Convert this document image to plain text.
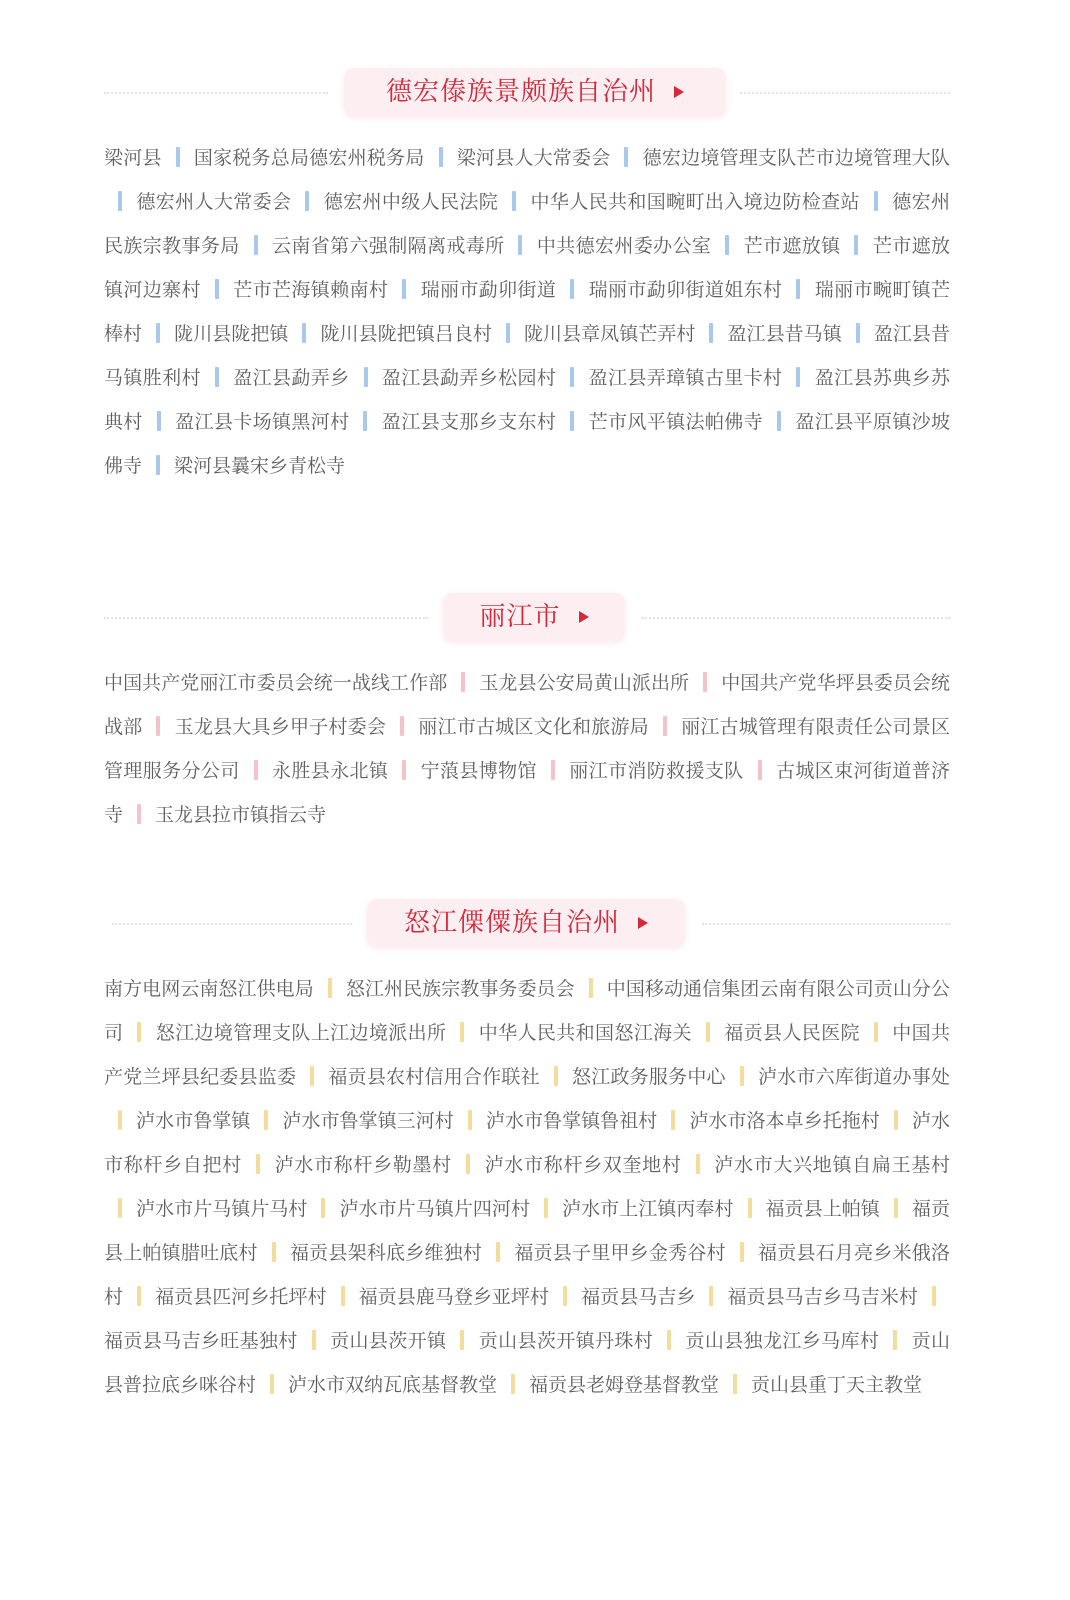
德宏傣族景颇族自治州
梁河县 国家税务总局德宏州税务局 梁河县人大常委会 德宏边境管理支队芒市边境管理大队德宏州人大常委会 德宏州中级人民法院 中华人民共和国畹町出入境边防检查站 德宏州民族宗教事务局 云南省第六强制隔离戒毒所 中共德宏州委办公室 芒市遮放镇 芒市遮放镇河边寨村 芒市芒海镇赖南村 瑞丽市勐卯街道 瑞丽市勐卯街道姐东村 瑞丽市畹町镇芒棒村 陇川县陇把镇 陇川县陇把镇吕良村 陇川县章凤镇芒弄村 盈江县昔马镇 盈江县昔马镇胜利村 盈江县勐弄乡 盈江县勐弄乡松园村 盈江县弄璋镇古里卡村 盈江县苏典乡苏典村 盈江县卡场镇黑河村 盈江县支那乡支东村 芒市风平镇法帕佛寺 盈江县平原镇沙坡佛寺 梁河县曩宋乡青松寺
丽江市
中国共产党丽江市委员会统一战线工作部 玉龙县公安局黄山派出所 中国共产党华坪县委员会统战部 玉龙县大具乡甲子村委会 丽江市古城区文化和旅游局 丽江古城管理有限责任公司景区管理服务分公司 永胜县永北镇 宁蒗县博物馆 丽江市消防救援支队 古城区束河街道普济寺 玉龙县拉市镇指云寺
怒江傈僳族自治州
南方电网云南怒江供电局 怒江州民族宗教事务委员会 中国移动通信集团云南有限公司贡山分公司 怒江边境管理支队上江边境派出所 中华人民共和国怒江海关 福贡县人民医院 中国共产党兰坪县纪委县监委 福贡县农村信用合作联社 怒江政务服务中心 泸水市六库街道办事处泸水市鲁掌镇 泸水市鲁掌镇三河村 泸水市鲁掌镇鲁祖村 泸水市洛本卓乡托拖村 泸水市称杆乡自把村 泸水市称杆乡勒墨村 泸水市称杆乡双奎地村 泸水市大兴地镇自扁王基村泸水市片马镇片马村 泸水市片马镇片四河村 泸水市上江镇丙奉村 福贡县上帕镇 福贡县上帕镇腊吐底村 福贡县架科底乡维独村 福贡县子里甲乡金秀谷村 福贡县石月亮乡米俄洛村 福贡县匹河乡托坪村 福贡县鹿马登乡亚坪村 福贡县马吉乡 福贡县马吉乡马吉米村福贡县马吉乡旺基独村 贡山县茨开镇 贡山县茨开镇丹珠村 贡山县独龙江乡马库村 贡山县普拉底乡咪谷村 泸水市双纳瓦底基督教堂 福贡县老姆登基督教堂 贡山县重丁天主教堂
